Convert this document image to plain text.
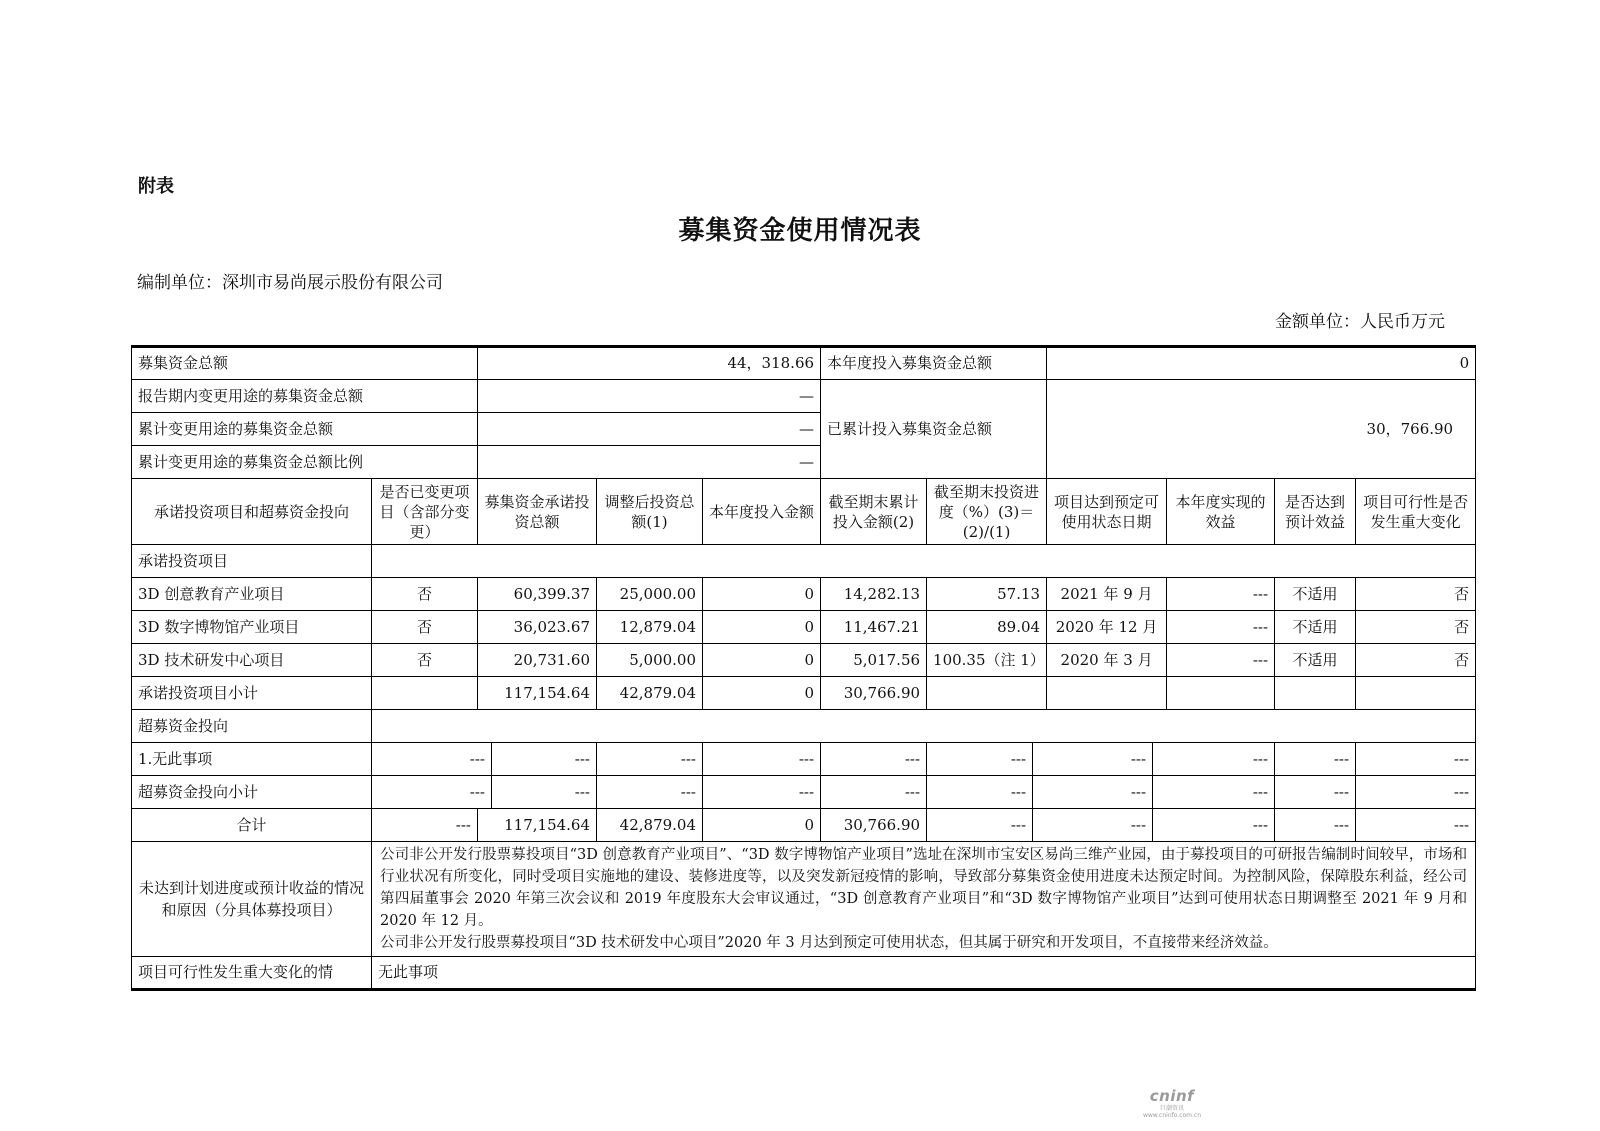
附表
募集资金使用情况表
编制单位：深圳市易尚展示股份有限公司
金额单位：人民币万元
募集资金总额		44，318.66				本年度投入募集资金总额			0				
报告期内变更用途的募集资金总额		—				已累计投入募集资金总额			30，766.90				
累计变更用途的募集资金总额		—											
累计变更用途的募集资金总额比例		—											
承诺投资项目和超募资金投向	是否已变更项目（含部分变更）	募集资金承诺投资总额		调整后投资总额(1)	本年度投入金额	截至期末累计投入金额(2)	截至期末投资进度（%）(3)＝(2)/(1)		项目达到预定可使用状态日期		本年度实现的效益	是否达到预计效益	项目可行性是否发生重大变化
承诺投资项目													
3D 创意教育产业项目	否	60,399.37		25,000.00	0	14,282.13	57.13		2021 年 9 月		---	不适用	否
3D 数字博物馆产业项目	否	36,023.67		12,879.04	0	11,467.21	89.04		2020 年 12 月		---	不适用	否
3D 技术研发中心项目	否	20,731.60		5,000.00	0	5,017.56	100.35（注 1）		2020 年 3 月		---	不适用	否
承诺投资项目小计		117,154.64		42,879.04	0	30,766.90							
超募资金投向													
1.无此事项	---		---	---	---	---	---	---		---		---	---
超募资金投向小计	---		---	---	---	---	---	---		---		---	---
合计	---	117,154.64		42,879.04	0	30,766.90	---	---		---		---	---
未达到计划进度或预计收益的情况和原因（分具体募投项目）	公司非公开发行股票募投项目“3D 创意教育产业项目”、“3D 数字博物馆产业项目”选址在深圳市宝安区易尚三维产业园，由于募投项目的可研报告编制时间较早，市场和行业状况有所变化，同时受项目实施地的建设、装修进度等，以及突发新冠疫情的影响，导致部分募集资金使用进度未达预定时间。为控制风险，保障股东利益，经公司第四届董事会 2020 年第三次会议和 2019 年度股东大会审议通过，“3D 创意教育产业项目”和“3D 数字博物馆产业项目”达到可使用状态日期调整至 2021 年 9 月和 2020 年 12 月。
公司非公开发行股票募投项目“3D 技术研发中心项目”2020 年 3 月达到预定可使用状态，但其属于研究和开发项目，不直接带来经济效益。												

项目可行性发生重大变化的情	无此事项												
cninf
巨潮资讯
www.cninfo.com.cn
